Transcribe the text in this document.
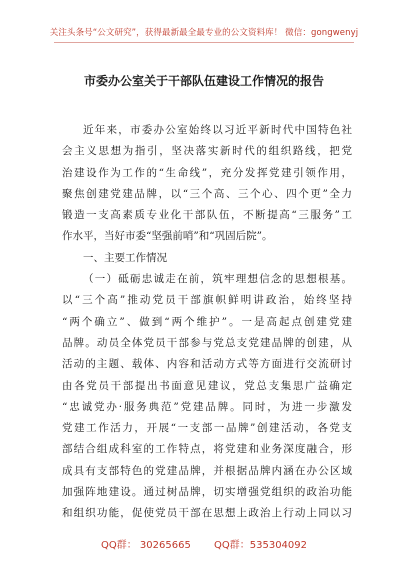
关注头条号“公文研究”，获得最新最全最专业的公文资料库！ 微信：gongwenyj
市委办公室关于干部队伍建设工作情况的报告
近年来，市委办公室始终以习近平新时代中国特色社
会主义思想为指引，坚决落实新时代的组织路线，把党
治建设作为工作的“生命线”，充分发挥党建引领作用，
聚焦创建党建品牌，以“三个高、三个心、四个更”全力
锻造一支高素质专业化干部队伍，不断提高“三服务”工
作水平，当好市委“坚强前哨”和“巩固后院”。
一、主要工作情况
（一）砥砺忠诚走在前，筑牢理想信念的思想根基。
以“三个高”推动党员干部旗帜鲜明讲政治，始终坚持
“两个确立”、做到“两个维护”。一是高起点创建党建
品牌。动员全体党员干部参与党总支党建品牌的创建，从
活动的主题、载体、内容和活动方式等方面进行交流研讨
由各党员干部提出书面意见建议，党总支集思广益确定
“忠诚党办·服务典范”党建品牌。同时，为进一步激发
党建工作活力，开展“一支部一品牌”创建活动，各党支
部结合组成科室的工作特点，将党建和业务深度融合，形
成具有支部特色的党建品牌，并根据品牌内涵在办公区域
加强阵地建设。通过树品牌，切实增强党组织的政治功能
和组织功能，促使党员干部在思想上政治上行动上同以习
QQ群： 30265665 QQ群：535304092
